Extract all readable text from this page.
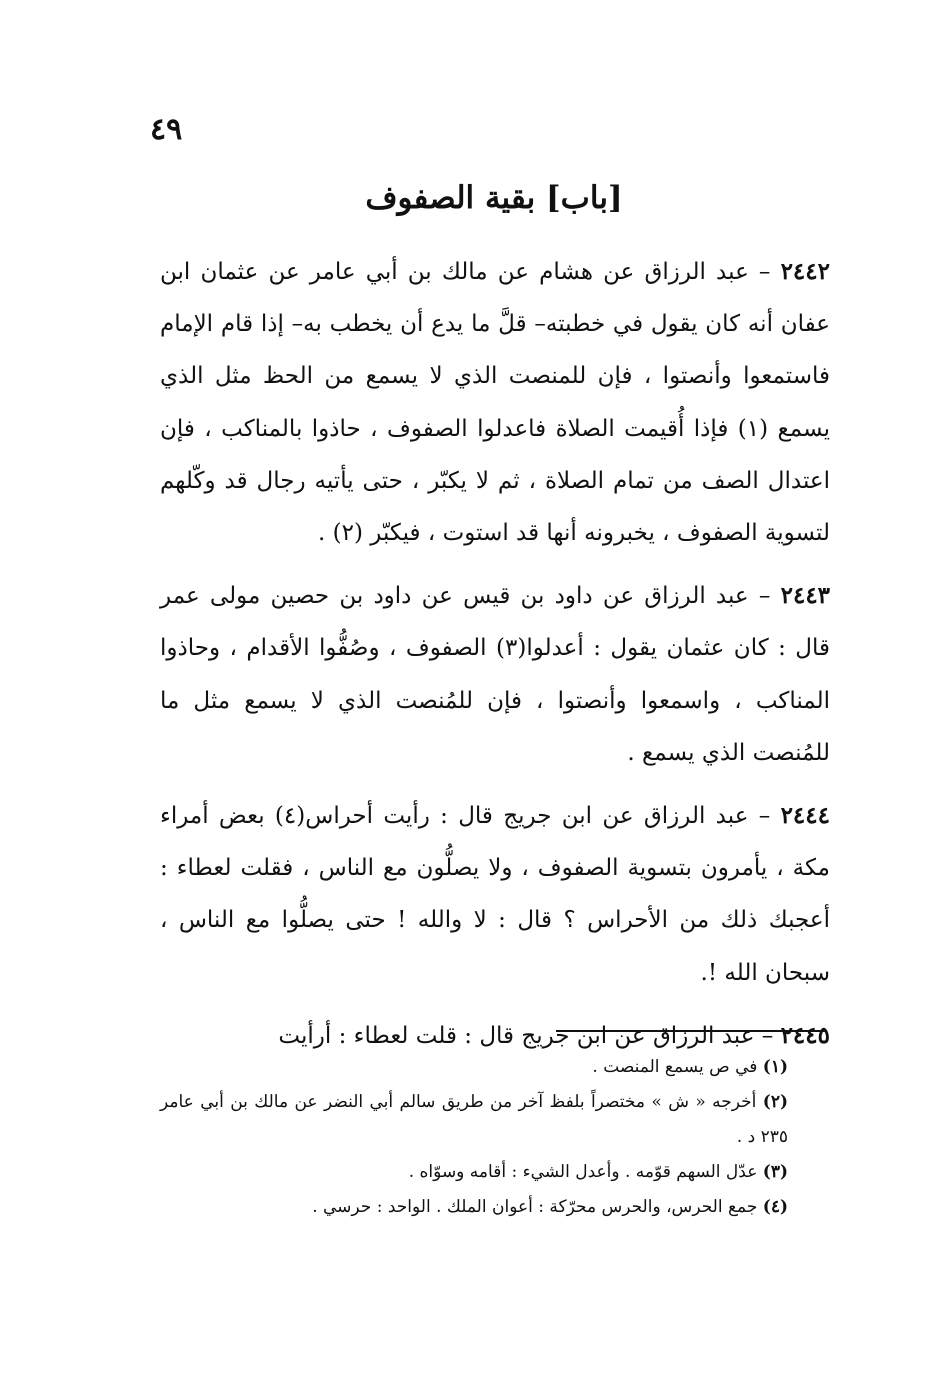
٤٩
[باب] بقية الصفوف

٢٤٤٢ – عبد الرزاق عن هشام عن مالك بن أبي عامر عن عثمان ابن عفان أنه كان يقول في خطبته– قلَّ ما يدع أن يخطب به– إذا قام الإمام فاستمعوا وأنصتوا ، فإن للمنصت الذي لا يسمع من الحظ مثل الذي يسمع (١) فإذا أُقيمت الصلاة فاعدلوا الصفوف ، حاذوا بالمناكب ، فإن اعتدال الصف من تمام الصلاة ، ثم لا يكبّر ، حتى يأتيه رجال قد وكّلهم لتسوية الصفوف ، يخبرونه أنها قد استوت ، فيكبّر (٢) .

٢٤٤٣ – عبد الرزاق عن داود بن قيس عن داود بن حصين مولى عمر قال : كان عثمان يقول : أعدلوا(٣) الصفوف ، وصُفُّوا الأقدام ، وحاذوا المناكب ، واسمعوا وأنصتوا ، فإن للمُنصت الذي لا يسمع مثل ما للمُنصت الذي يسمع .

٢٤٤٤ – عبد الرزاق عن ابن جريج قال : رأيت أحراس(٤) بعض أمراء مكة ، يأمرون بتسوية الصفوف ، ولا يصلُّون مع الناس ، فقلت لعطاء : أعجبك ذلك من الأحراس ؟ قال : لا والله ! حتى يصلُّوا مع الناس ، سبحان الله !.

٢٤٤٥ – عبد الرزاق عن ابن جريج قال : قلت لعطاء : أرأيت

(١) في ص يسمع المنصت .

(٢) أخرجه « ش » مختصراً بلفظ آخر من طريق سالم أبي النضر عن مالك بن أبي عامر ٢٣٥ د .

(٣) عدّل السهم قوّمه . وأعدل الشيء : أقامه وسوّاه .

(٤) جمع الحرس، والحرس محرّكة : أعوان الملك . الواحد : حرسي .
